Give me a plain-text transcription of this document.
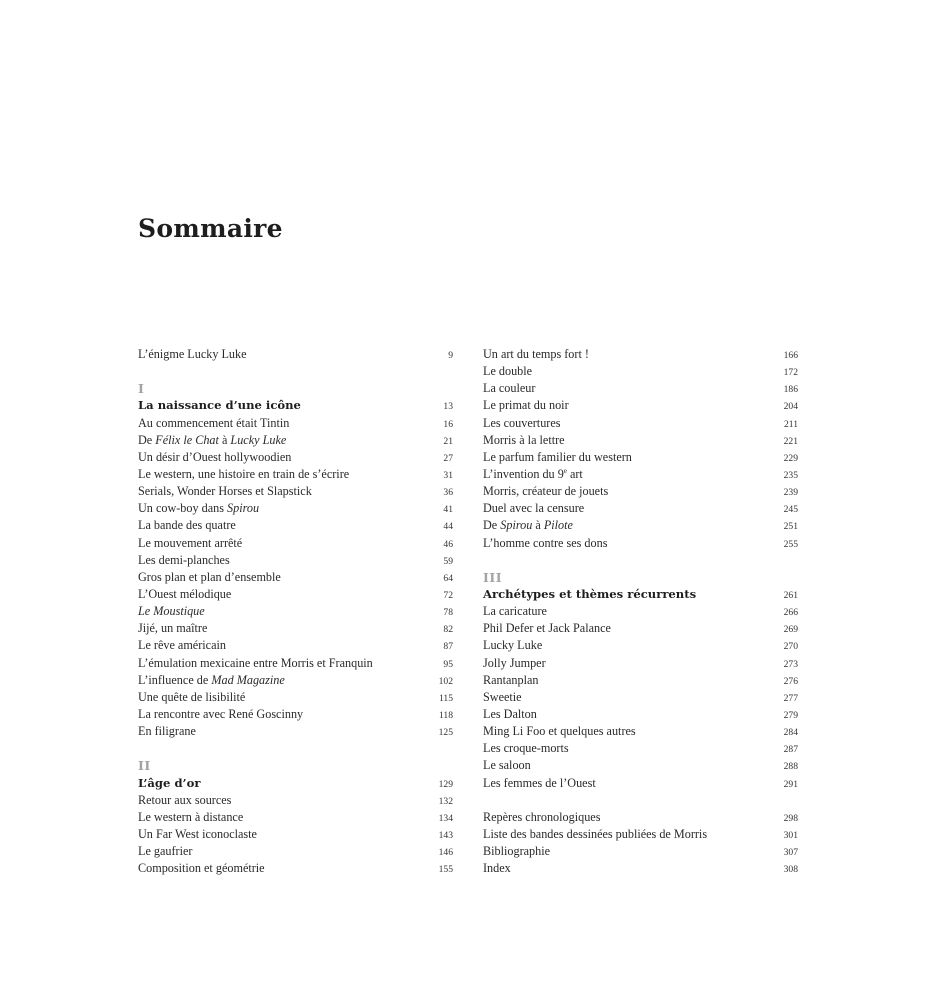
Sommaire
L’énigme Lucky Luke	9
I
La naissance d’une icône	13
Au commencement était Tintin	16
De Félix le Chat à Lucky Luke	21
Un désir d’Ouest hollywoodien	27
Le western, une histoire en train de s’écrire	31
Serials, Wonder Horses et Slapstick	36
Un cow-boy dans Spirou	41
La bande des quatre	44
Le mouvement arrêté	46
Les demi-planches	59
Gros plan et plan d’ensemble	64
L’Ouest mélodique	72
Le Moustique	78
Jijé, un maître	82
Le rêve américain	87
L’émulation mexicaine entre Morris et Franquin	95
L’influence de Mad Magazine	102
Une quête de lisibilité	115
La rencontre avec René Goscinny	118
En filigrane	125
II
L’âge d’or	129
Retour aux sources	132
Le western à distance	134
Un Far West iconoclaste	143
Le gaufrier	146
Composition et géométrie	155
Un art du temps fort !	166
Le double	172
La couleur	186
Le primat du noir	204
Les couvertures	211
Morris à la lettre	221
Le parfum familier du western	229
L’invention du 9e art	235
Morris, créateur de jouets	239
Duel avec la censure	245
De Spirou à Pilote	251
L’homme contre ses dons	255
III
Archétypes et thèmes récurrents	261
La caricature	266
Phil Defer et Jack Palance	269
Lucky Luke	270
Jolly Jumper	273
Rantanplan	276
Sweetie	277
Les Dalton	279
Ming Li Foo et quelques autres	284
Les croque-morts	287
Le saloon	288
Les femmes de l’Ouest	291
Repères chronologiques	298
Liste des bandes dessinées publiées de Morris	301
Bibliographie	307
Index	308
